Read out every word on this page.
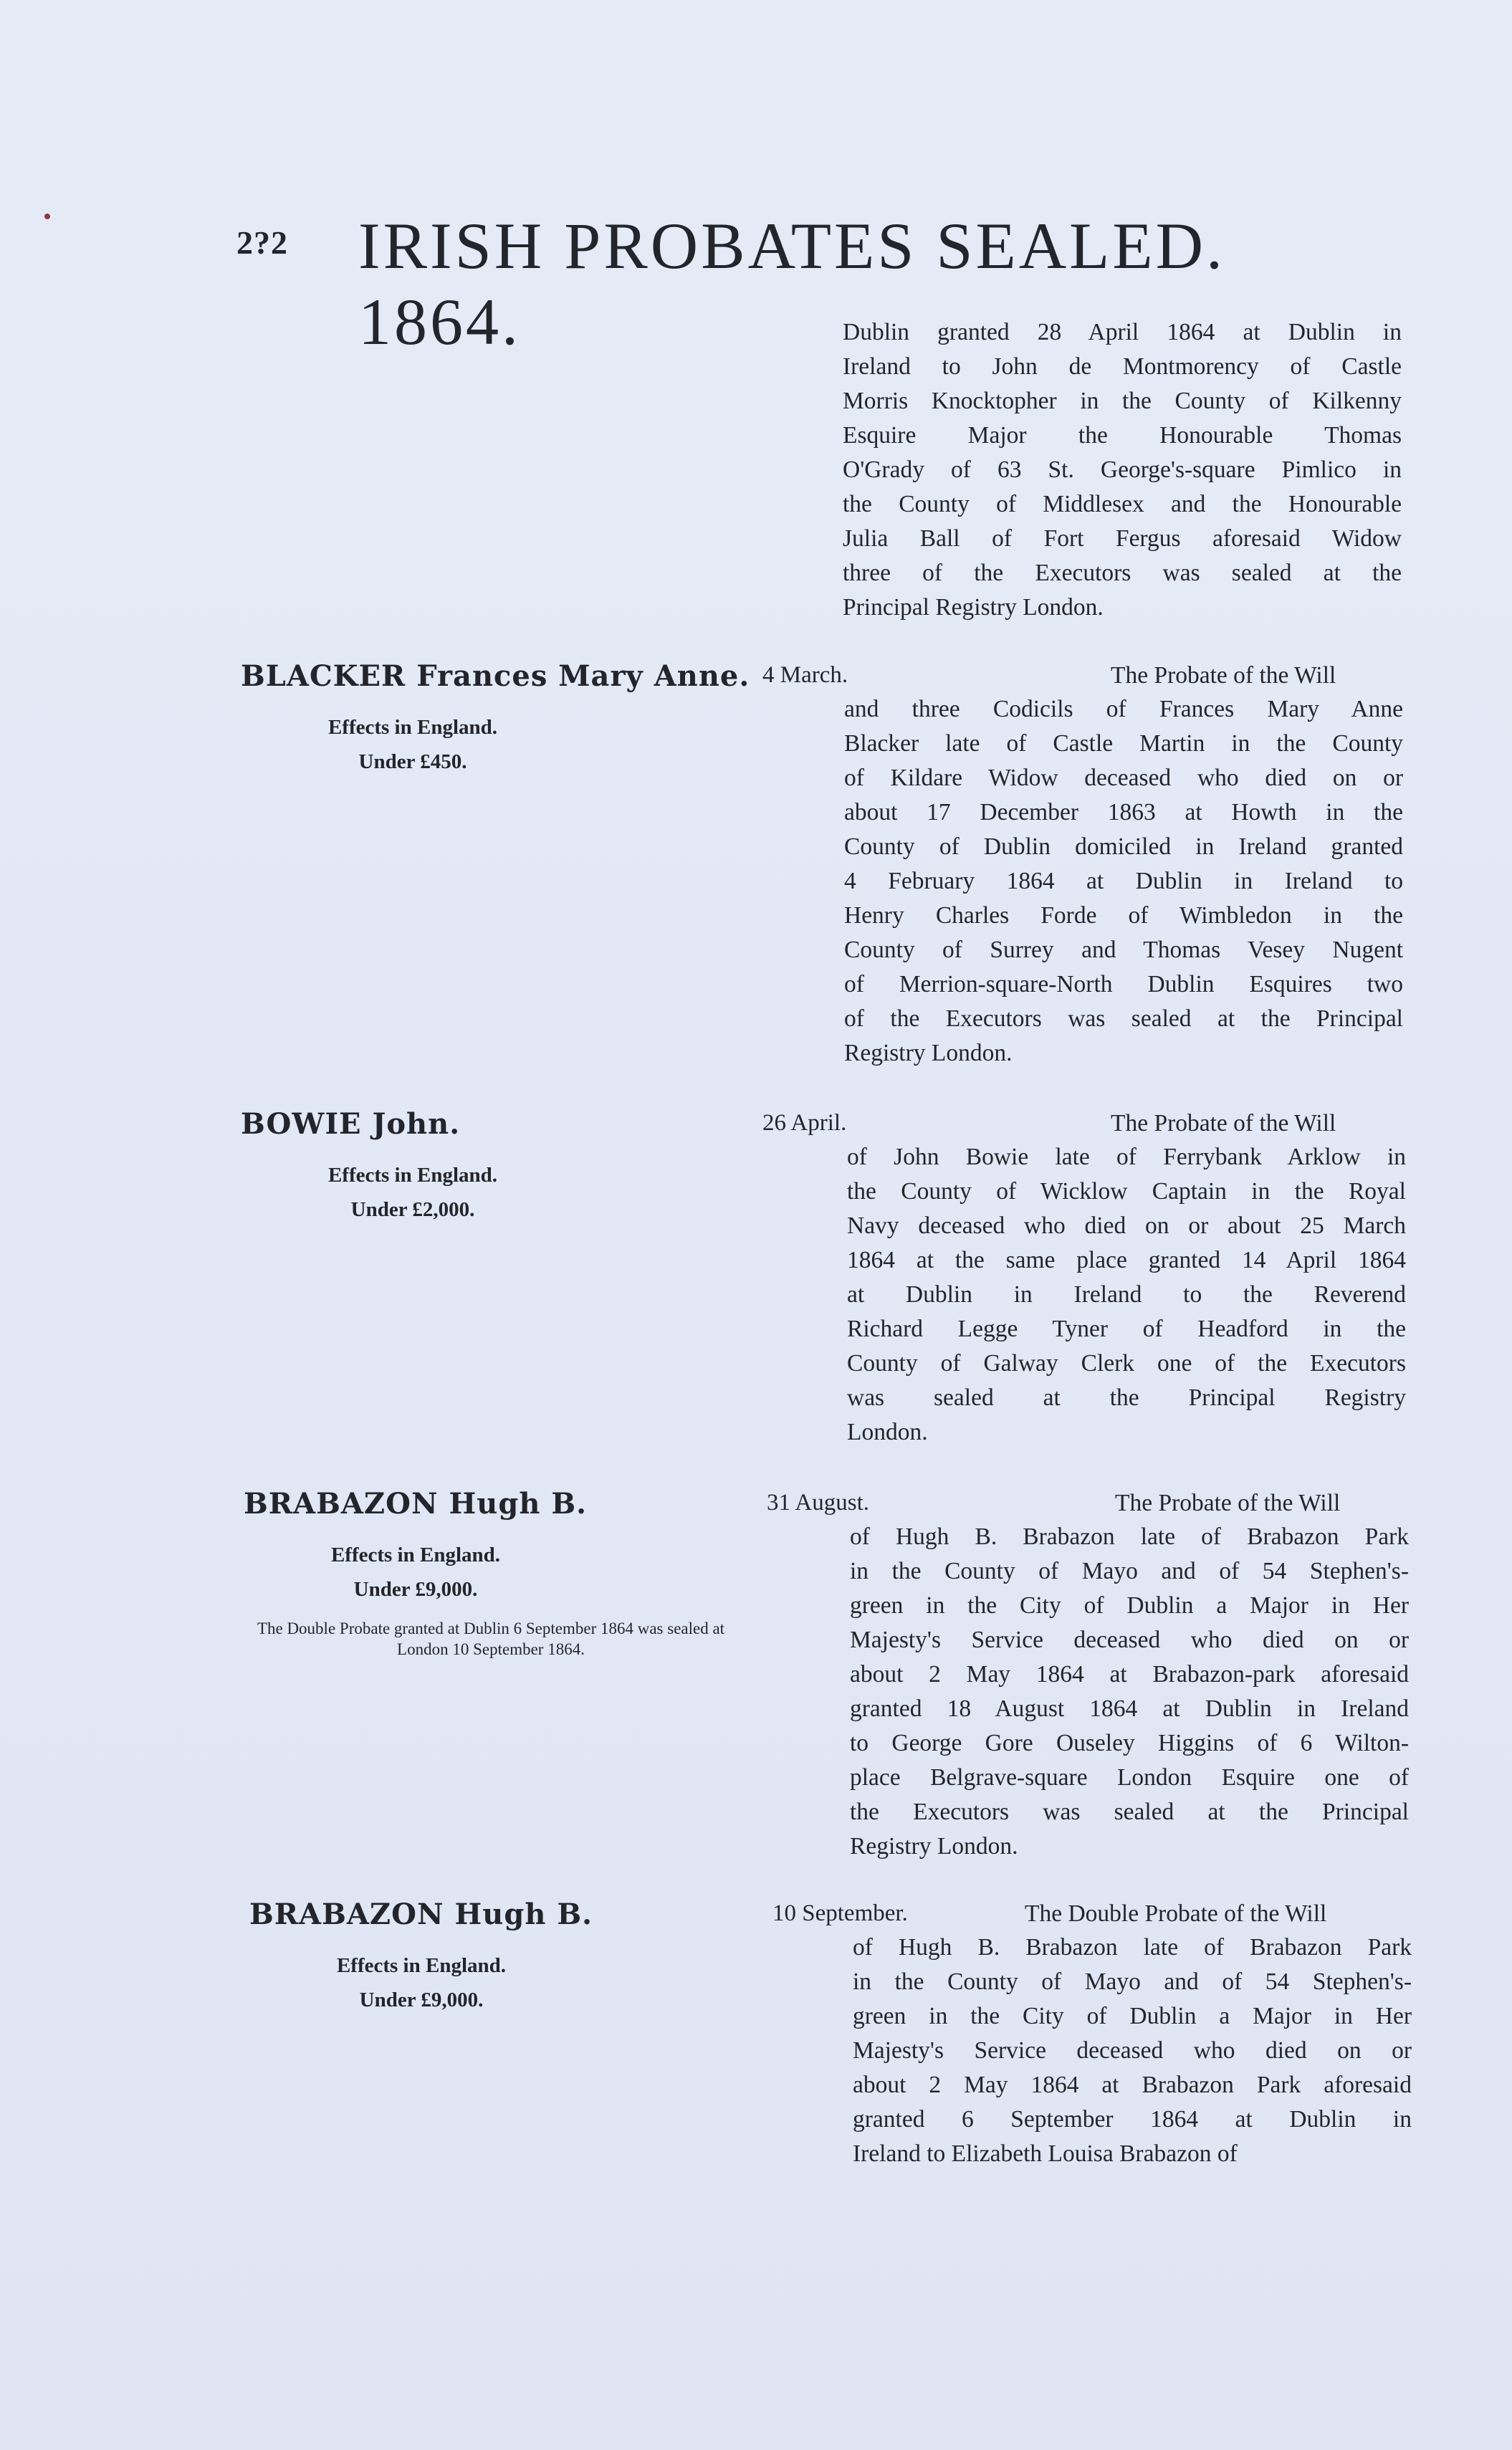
2?2 IRISH PROBATES SEALED. 1864.	Dublin granted 28 April 1864 at Dublin in
Ireland to John de Montmorency of Castle
Morris Knocktopher in the County of Kilkenny
Esquire Major the Honourable Thomas
O'Grady of 63 St. George's-square Pimlico in
the County of Middlesex and the Honourable
Julia Ball of Fort Fergus aforesaid Widow
three of the Executors was sealed at the
Principal Registry London.
BLACKER Frances Mary Anne.
Effects in England.
Under £450.
4 March.	The Probate of the Will
and three Codicils of Frances Mary Anne
Blacker late of Castle Martin in the County
of Kildare Widow deceased who died on or
about 17 December 1863 at Howth in the
County of Dublin domiciled in Ireland granted
4 February 1864 at Dublin in Ireland to
Henry Charles Forde of Wimbledon in the
County of Surrey and Thomas Vesey Nugent
of Merrion-square-North Dublin Esquires two
of the Executors was sealed at the Principal
Registry London.
BOWIE John.
Effects in England.
Under £2,000.
26 April.	The Probate of the Will
of John Bowie late of Ferrybank Arklow in
the County of Wicklow Captain in the Royal
Navy deceased who died on or about 25 March
1864 at the same place granted 14 April 1864
at Dublin in Ireland to the Reverend
Richard Legge Tyner of Headford in the
County of Galway Clerk one of the Executors
was sealed at the Principal Registry
London.
BRABAZON Hugh B.
Effects in England.
Under £9,000.
The Double Probate granted at Dublin 6 September 1864 was sealed at London 10 September 1864.
31 August.	The Probate of the Will
of Hugh B. Brabazon late of Brabazon Park
in the County of Mayo and of 54 Stephen's-
green in the City of Dublin a Major in Her
Majesty's Service deceased who died on or
about 2 May 1864 at Brabazon-park aforesaid
granted 18 August 1864 at Dublin in Ireland
to George Gore Ouseley Higgins of 6 Wilton-
place Belgrave-square London Esquire one of
the Executors was sealed at the Principal
Registry London.
BRABAZON Hugh B.
Effects in England.
Under £9,000.
10 September.	The Double Probate of the Will
of Hugh B. Brabazon late of Brabazon Park
in the County of Mayo and of 54 Stephen's-
green in the City of Dublin a Major in Her
Majesty's Service deceased who died on or
about 2 May 1864 at Brabazon Park aforesaid
granted 6 September 1864 at Dublin in
Ireland to Elizabeth Louisa Brabazon of
